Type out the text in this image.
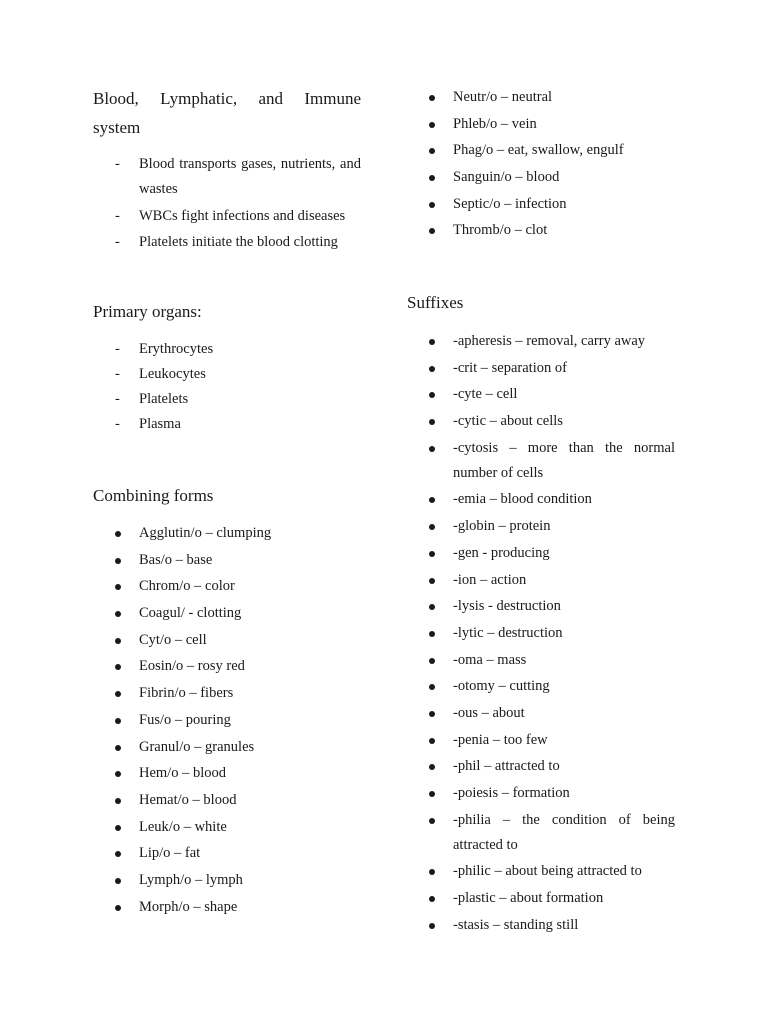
Blood, Lymphatic, and Immune
system
- Blood transports gases, nutrients, and wastes
- WBCs fight infections and diseases
- Platelets initiate the blood clotting
Primary organs:
- Erythrocytes
- Leukocytes
- Platelets
- Plasma
Combining forms
Agglutin/o – clumping
Bas/o – base
Chrom/o – color
Coagul/ - clotting
Cyt/o – cell
Eosin/o – rosy red
Fibrin/o – fibers
Fus/o – pouring
Granul/o – granules
Hem/o – blood
Hemat/o – blood
Leuk/o – white
Lip/o – fat
Lymph/o – lymph
Morph/o – shape
Neutr/o – neutral
Phleb/o – vein
Phag/o – eat, swallow, engulf
Sanguin/o – blood
Septic/o – infection
Thromb/o – clot
Suffixes
-apheresis – removal, carry away
-crit – separation of
-cyte – cell
-cytic – about cells
-cytosis – more than the normal number of cells
-emia – blood condition
-globin – protein
-gen - producing
-ion – action
-lysis - destruction
-lytic – destruction
-oma – mass
-otomy – cutting
-ous – about
-penia – too few
-phil – attracted to
-poiesis – formation
-philia – the condition of being attracted to
-philic – about being attracted to
-plastic – about formation
-stasis – standing still
